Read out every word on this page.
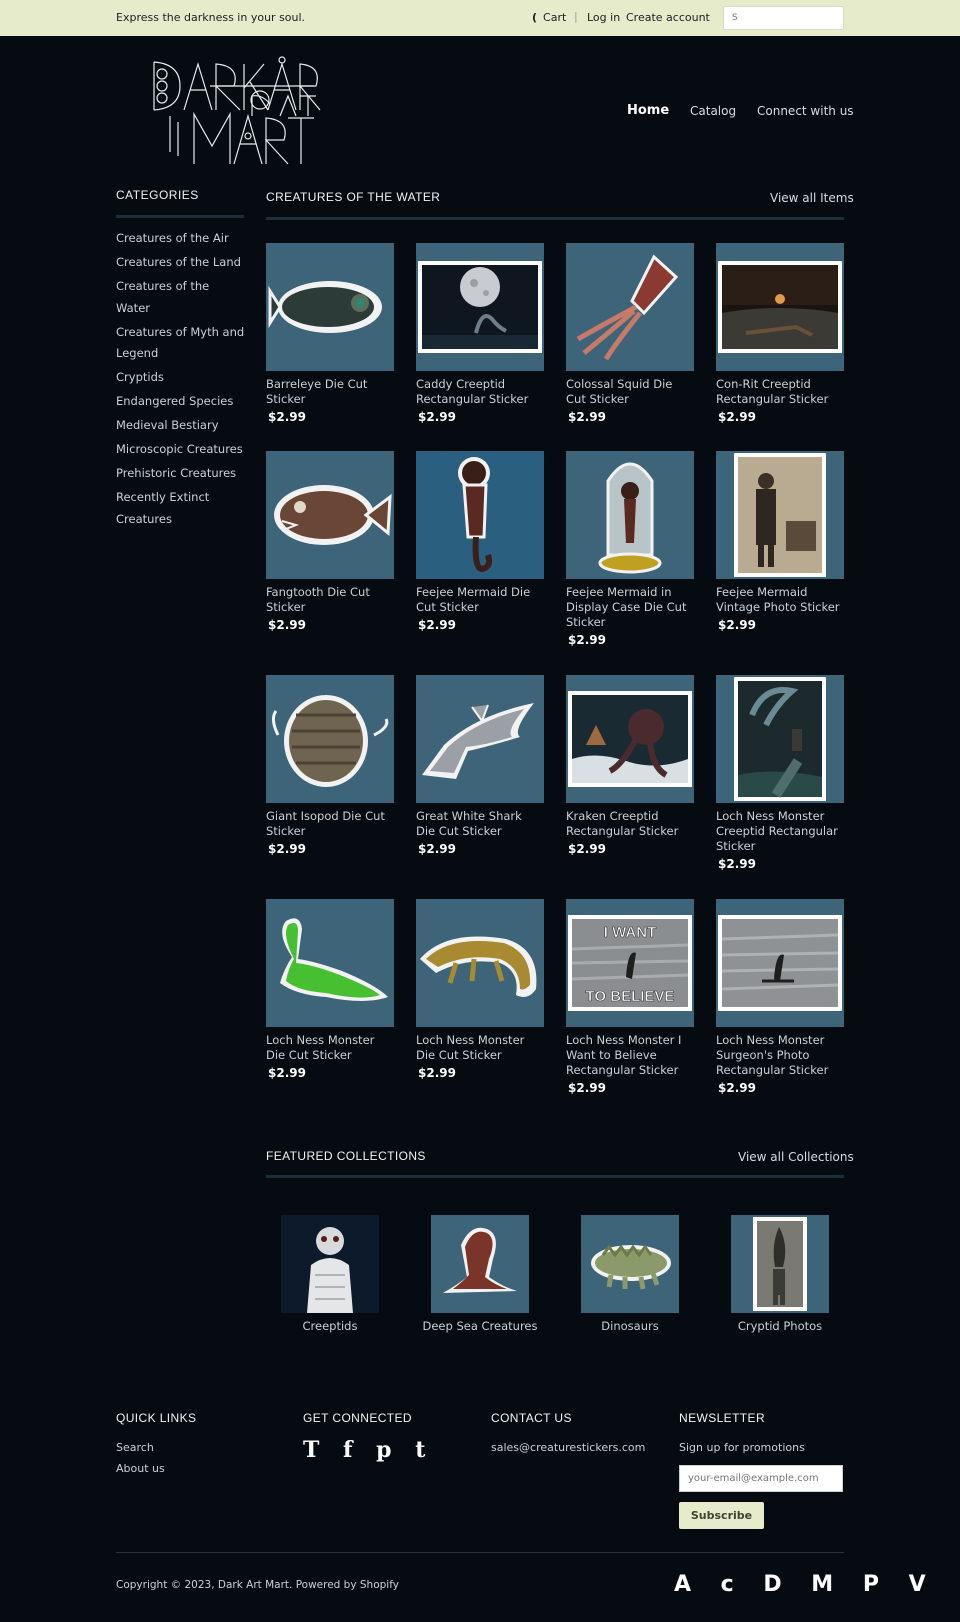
Express the darkness in your soul.	( Cart | Log in Create account
S
Home Catalog Connect with us
CATEGORIES
Creatures of the Air
Creatures of the Land
Creatures of the Water
Creatures of Myth and Legend
Cryptids
Endangered Species
Medieval Bestiary
Microscopic Creatures
Prehistoric Creatures
Recently Extinct Creatures
CREATURES OF THE WATER	View all Items
Barreleye Die Cut Sticker
$2.99
Caddy Creeptid Rectangular Sticker
$2.99
Colossal Squid Die Cut Sticker
$2.99
Con-Rit Creeptid Rectangular Sticker
$2.99
Fangtooth Die Cut Sticker
$2.99
Feejee Mermaid Die Cut Sticker
$2.99
Feejee Mermaid in Display Case Die Cut Sticker
$2.99
Feejee Mermaid Vintage Photo Sticker
$2.99
Giant Isopod Die Cut Sticker
$2.99
Great White Shark Die Cut Sticker
$2.99
Kraken Creeptid Rectangular Sticker
$2.99
Loch Ness Monster Creeptid Rectangular Sticker
$2.99
Loch Ness Monster Die Cut Sticker
$2.99
Loch Ness Monster Die Cut Sticker
$2.99
I WANT
TO BELIEVE
Loch Ness Monster I Want to Believe Rectangular Sticker
$2.99
Loch Ness Monster Surgeon's Photo Rectangular Sticker
$2.99
FEATURED COLLECTIONS	View all Collections
Creeptids	Deep Sea Creatures	Dinosaurs	Cryptid Photos
QUICK LINKS
Search
About us
GET CONNECTED
T f p t
CONTACT US
sales@creaturestickers.com
NEWSLETTER
Sign up for promotions
your-email@example.com
Subscribe
Copyright © 2023, Dark Art Mart. Powered by Shopify	A c D M P V
